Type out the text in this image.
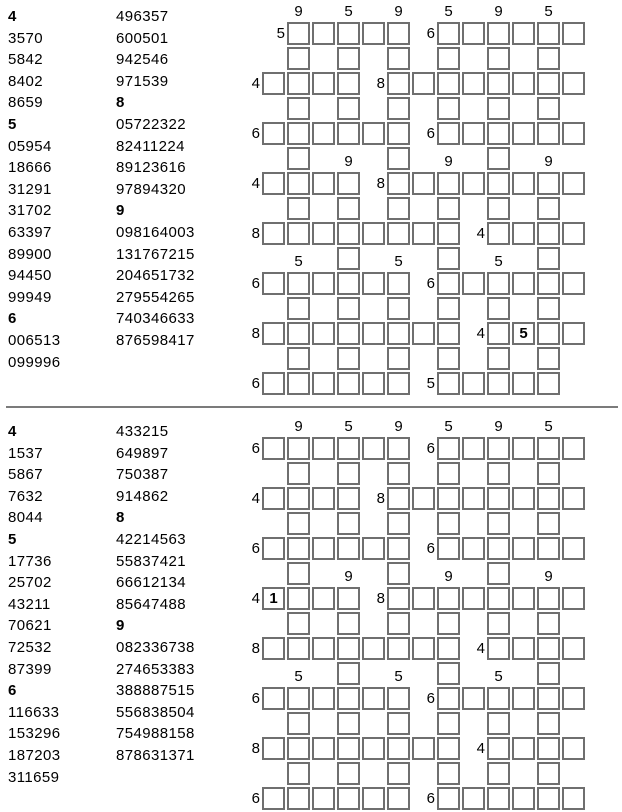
4
3570
5842
8402
8659
5
05954
18666
31291
31702
63397
89900
94450
99949
6
006513
099996
496357
600501
942546
971539
8
05722322
82411224
89123616
97894320
9
098164003
131767215
204651732
279554265
740346633
876598417
5	6
4	8
6	6
4	8
8	4
6	6
8	4
6	5
9	5	9	5	9	5
9	9	9
5	5	5
5
4
1537
5867
7632
8044
5
17736
25702
43211
70621
72532
87399
6
116633
153296
187203
311659
433215
649897
750387
914862
8
42214563
55837421
66612134
85647488
9
082336738
274653383
388887515
556838504
754988158
878631371
6	6
4	8
6	6
4	8
8	4
6	6
8	4
6	6
9	5	9	5	9	5
9	9	9
5	5	5
1
